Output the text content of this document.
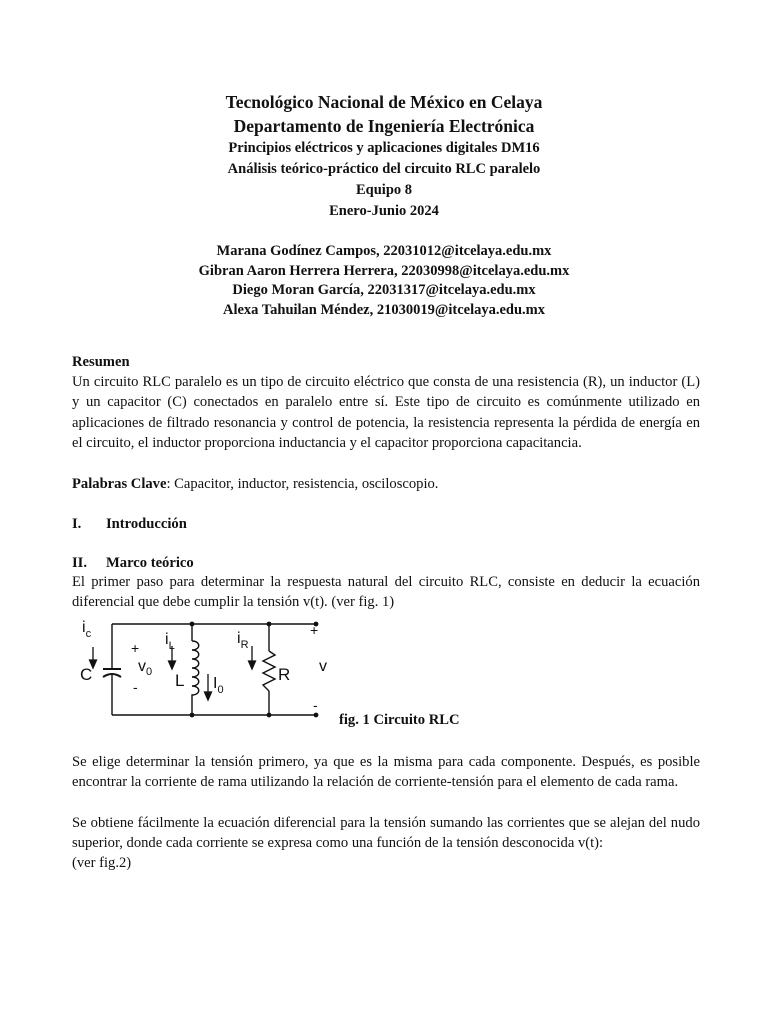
Tecnológico Nacional de México en Celaya
Departamento de Ingeniería Electrónica
Principios eléctricos y aplicaciones digitales DM16
Análisis teórico-práctico del circuito RLC paralelo
Equipo 8
Enero-Junio 2024
Marana Godínez Campos, 22031012@itcelaya.edu.mx
Gibran Aaron Herrera Herrera, 22030998@itcelaya.edu.mx
Diego Moran García, 22031317@itcelaya.edu.mx
Alexa Tahuilan Méndez, 21030019@itcelaya.edu.mx
Resumen
Un circuito RLC paralelo es un tipo de circuito eléctrico que consta de una resistencia (R), un inductor (L) y un capacitor (C) conectados en paralelo entre sí. Este tipo de circuito es comúnmente utilizado en aplicaciones de filtrado resonancia y control de potencia, la resistencia representa la pérdida de energía en el circuito, el inductor proporciona inductancia y el capacitor proporciona capacitancia.
Palabras Clave: Capacitor, inductor, resistencia, osciloscopio.
I. Introducción
II. Marco teórico
El primer paso para determinar la respuesta natural del circuito RLC, consiste en deducir la ecuación diferencial que debe cumplir la tensión v(t). (ver fig. 1)
$i_c$	$i_L$	$i_R$
+
+
-
-
C	$v_0$ L $I_0$
R v
fig. 1 Circuito RLC
Se elige determinar la tensión primero, ya que es la misma para cada componente. Después, es posible encontrar la corriente de rama utilizando la relación de corriente-tensión para el elemento de cada rama.
Se obtiene fácilmente la ecuación diferencial para la tensión sumando las corrientes que se alejan del nudo superior, donde cada corriente se expresa como una función de la tensión desconocida v(t):
(ver fig.2)
